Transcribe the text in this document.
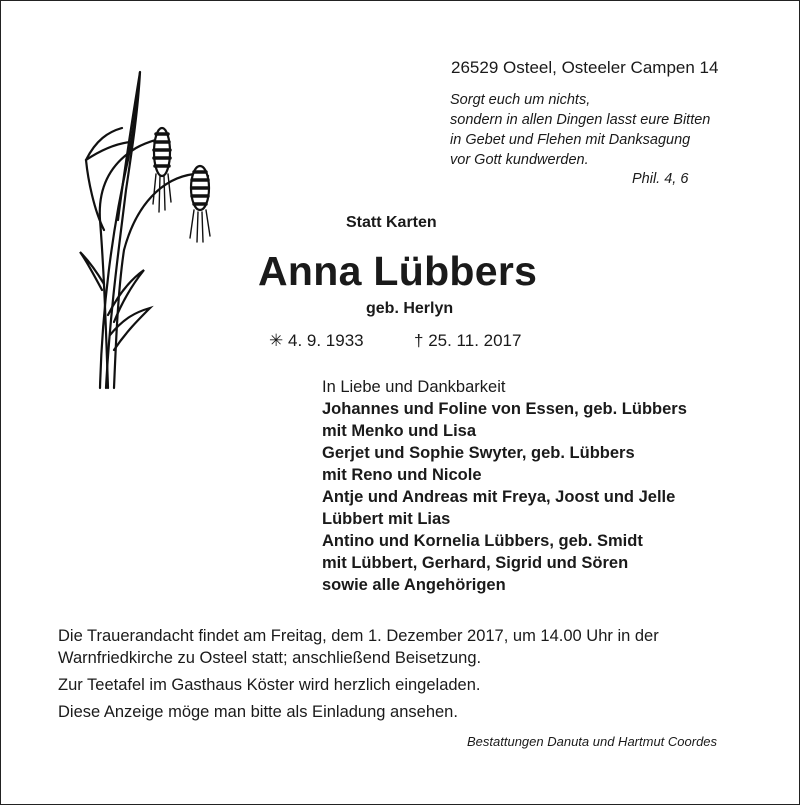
26529 Osteel, Osteeler Campen 14
Sorgt euch um nichts,
sondern in allen Dingen lasst eure Bitten
in Gebet und Flehen mit Danksagung
vor Gott kundwerden.
Phil. 4, 6
Statt Karten
Anna Lübbers
geb. Herlyn
✳ 4. 9. 1933	† 25. 11. 2017
In Liebe und Dankbarkeit
Johannes und Foline von Essen, geb. Lübbers
mit Menko und Lisa
Gerjet und Sophie Swyter, geb. Lübbers
mit Reno und Nicole
Antje und Andreas mit Freya, Joost und Jelle
Lübbert mit Lias
Antino und Kornelia Lübbers, geb. Smidt
mit Lübbert, Gerhard, Sigrid und Sören
sowie alle Angehörigen

Die Trauerandacht findet am Freitag, dem 1. Dezember 2017, um 14.00 Uhr in der Warnfriedkirche zu Osteel statt; anschließend Beisetzung.

Zur Teetafel im Gasthaus Köster wird herzlich eingeladen.

Diese Anzeige möge man bitte als Einladung ansehen.

Bestattungen Danuta und Hartmut Coordes
